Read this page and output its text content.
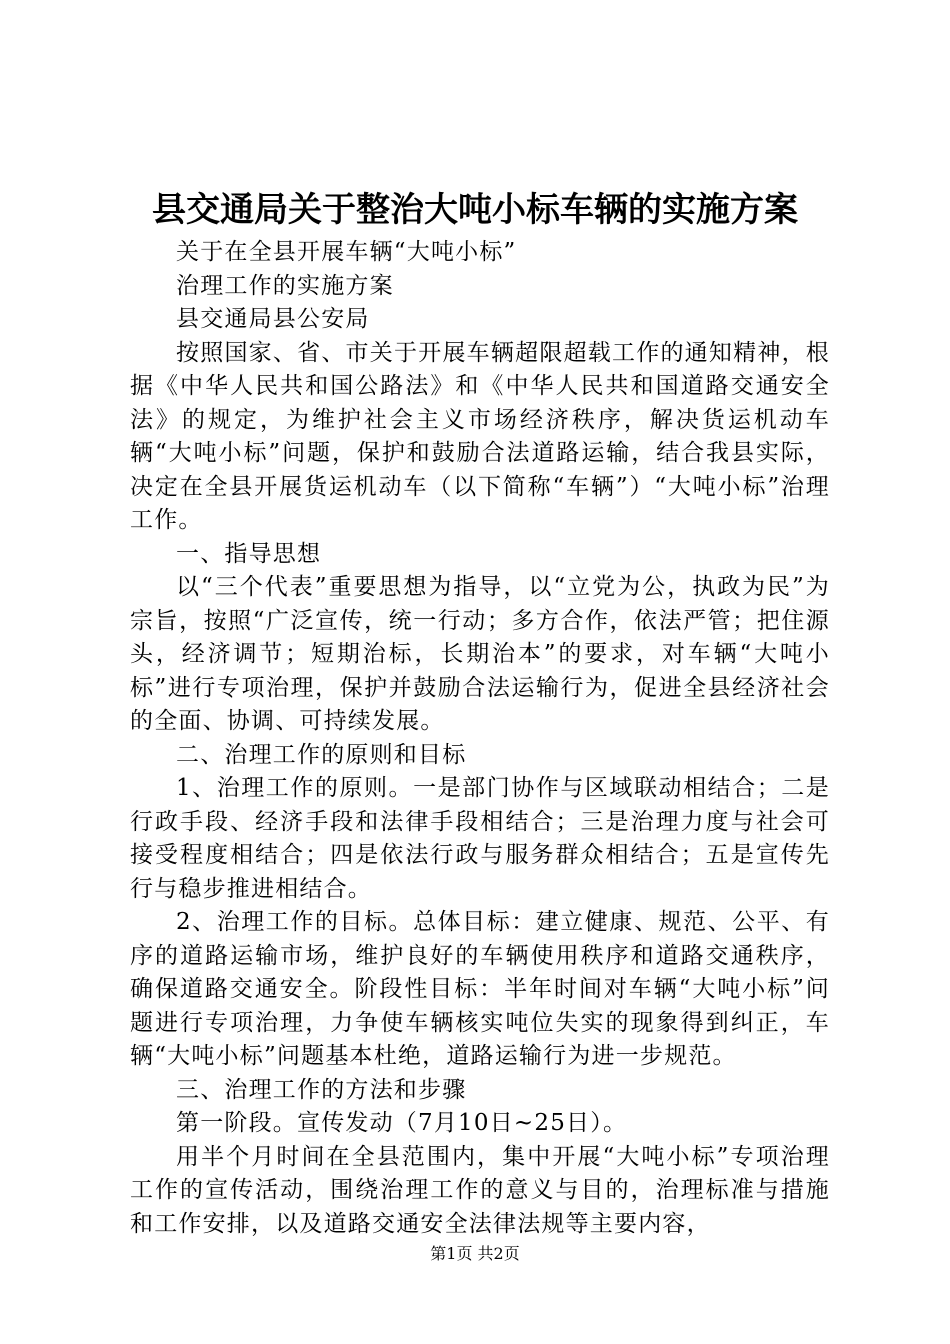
县交通局关于整治大吨小标车辆的实施方案

关于在全县开展车辆“大吨小标”

治理工作的实施方案

县交通局县公安局

按照国家、省、市关于开展车辆超限超载工作的通知精神，根据《中华人民共和国公路法》和《中华人民共和国道路交通安全法》的规定，为维护社会主义市场经济秩序，解决货运机动车辆“大吨小标”问题，保护和鼓励合法道路运输，结合我县实际，决定在全县开展货运机动车（以下简称“车辆”）“大吨小标”治理工作。

一、指导思想

以“三个代表”重要思想为指导，以“立党为公，执政为民”为宗旨，按照“广泛宣传，统一行动；多方合作，依法严管；把住源头，经济调节；短期治标，长期治本”的要求，对车辆“大吨小标”进行专项治理，保护并鼓励合法运输行为，促进全县经济社会的全面、协调、可持续发展。

二、治理工作的原则和目标

1、治理工作的原则。一是部门协作与区域联动相结合；二是行政手段、经济手段和法律手段相结合；三是治理力度与社会可接受程度相结合；四是依法行政与服务群众相结合；五是宣传先行与稳步推进相结合。

2、治理工作的目标。总体目标：建立健康、规范、公平、有序的道路运输市场，维护良好的车辆使用秩序和道路交通秩序，确保道路交通安全。阶段性目标：半年时间对车辆“大吨小标”问题进行专项治理，力争使车辆核实吨位失实的现象得到纠正，车辆“大吨小标”问题基本杜绝，道路运输行为进一步规范。

三、治理工作的方法和步骤

第一阶段。宣传发动（7月10日~25日）。

用半个月时间在全县范围内，集中开展“大吨小标”专项治理工作的宣传活动，围绕治理工作的意义与目的，治理标准与措施和工作安排，以及道路交通安全法律法规等主要内容，

第1页 共2页
